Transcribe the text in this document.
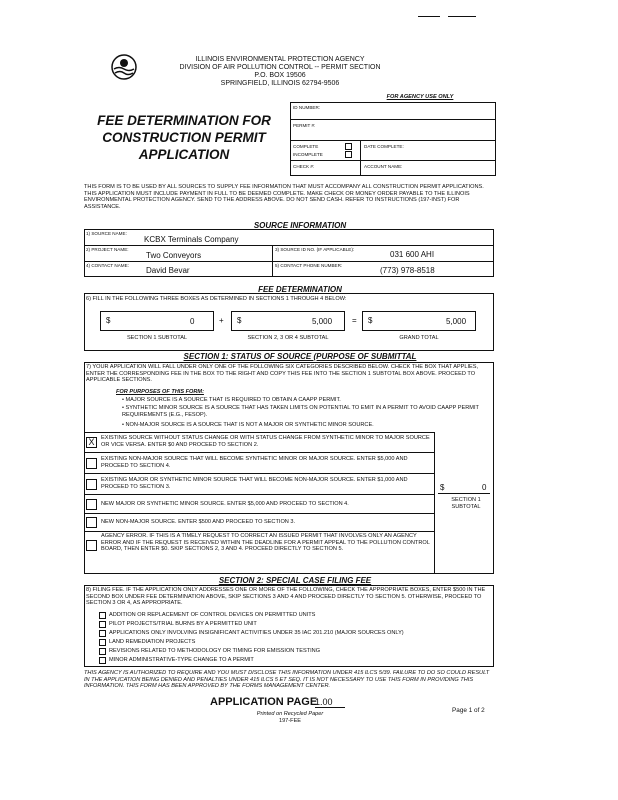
ILLINOIS ENVIRONMENTAL PROTECTION AGENCY
DIVISION OF AIR POLLUTION CONTROL -- PERMIT SECTION
P.O. BOX 19506
SPRINGFIELD, ILLINOIS 62794-9506
FEE DETERMINATION FOR
CONSTRUCTION PERMIT
APPLICATION
FOR AGENCY USE ONLY
ID NUMBER:
PERMIT #:
COMPLETE
INCOMPLETE
DATE COMPLETE:
CHECK #:	ACCOUNT NAME:
THIS FORM IS TO BE USED BY ALL SOURCES TO SUPPLY FEE INFORMATION THAT MUST ACCOMPANY ALL CONSTRUCTION PERMIT APPLICATIONS. THIS APPLICATION MUST INCLUDE PAYMENT IN FULL TO BE DEEMED COMPLETE. MAKE CHECK OR MONEY ORDER PAYABLE TO THE ILLINOIS ENVIRONMENTAL PROTECTION AGENCY. SEND TO THE ADDRESS ABOVE. DO NOT SEND CASH. REFER TO INSTRUCTIONS (197-INST) FOR ASSISTANCE.
SOURCE INFORMATION
1) SOURCE NAME:
KCBX Terminals Company
2) PROJECT NAME:
Two Conveyors
3) SOURCE ID NO. (IF APPLICABLE):
031 600 AHI
4) CONTACT NAME:
David Bevar
5) CONTACT PHONE NUMBER:
(773) 978-8518
FEE DETERMINATION
6) FILL IN THE FOLLOWING THREE BOXES AS DETERMINED IN SECTIONS 1 THROUGH 4 BELOW:
$	0	+ $	5,000 = $	5,000
SECTION 1 SUBTOTAL	SECTION 2, 3 OR 4 SUBTOTAL	GRAND TOTAL
SECTION 1: STATUS OF SOURCE (PURPOSE OF SUBMITTAL
7) YOUR APPLICATION WILL FALL UNDER ONLY ONE OF THE FOLLOWING SIX CATEGORIES DESCRIBED BELOW. CHECK THE BOX THAT APPLIES, ENTER THE CORRESPONDING FEE IN THE BOX TO THE RIGHT AND COPY THIS FEE INTO THE SECTION 1 SUBTOTAL BOX ABOVE. PROCEED TO APPLICABLE SECTIONS.
FOR PURPOSES OF THIS FORM:
• MAJOR SOURCE IS A SOURCE THAT IS REQUIRED TO OBTAIN A CAAPP PERMIT.
• SYNTHETIC MINOR SOURCE IS A SOURCE THAT HAS TAKEN LIMITS ON POTENTIAL TO EMIT IN A PERMIT TO AVOID CAAPP PERMIT REQUIREMENTS (E.G., FESOP).
• NON-MAJOR SOURCE IS A SOURCE THAT IS NOT A MAJOR OR SYNTHETIC MINOR SOURCE.
X	EXISTING SOURCE WITHOUT STATUS CHANGE OR WITH STATUS CHANGE FROM SYNTHETIC MINOR TO MAJOR SOURCE OR VICE VERSA. ENTER $0 AND PROCEED TO SECTION 2.
EXISTING NON-MAJOR SOURCE THAT WILL BECOME SYNTHETIC MINOR OR MAJOR SOURCE. ENTER $5,000 AND PROCEED TO SECTION 4.
EXISTING MAJOR OR SYNTHETIC MINOR SOURCE THAT WILL BECOME NON-MAJOR SOURCE. ENTER $1,000 AND PROCEED TO SECTION 3.
NEW MAJOR OR SYNTHETIC MINOR SOURCE. ENTER $5,000 AND PROCEED TO SECTION 4.
NEW NON-MAJOR SOURCE. ENTER $500 AND PROCEED TO SECTION 3.
AGENCY ERROR. IF THIS IS A TIMELY REQUEST TO CORRECT AN ISSUED PERMIT THAT INVOLVES ONLY AN AGENCY ERROR AND IF THE REQUEST IS RECEIVED WITHIN THE DEADLINE FOR A PERMIT APPEAL TO THE POLLUTION CONTROL BOARD, THEN ENTER $0. SKIP SECTIONS 2, 3 AND 4. PROCEED DIRECTLY TO SECTION 5.
$	0
SECTION 1 SUBTOTAL
SECTION 2: SPECIAL CASE FILING FEE
8) FILING FEE. IF THE APPLICATION ONLY ADDRESSES ONE OR MORE OF THE FOLLOWING, CHECK THE APPROPRIATE BOXES, ENTER $500 IN THE SECOND BOX UNDER FEE DETERMINATION ABOVE, SKIP SECTIONS 3 AND 4 AND PROCEED DIRECTLY TO SECTION 5. OTHERWISE, PROCEED TO SECTION 3 OR 4, AS APPROPRIATE.
ADDITION OR REPLACEMENT OF CONTROL DEVICES ON PERMITTED UNITS
PILOT PROJECTS/TRIAL BURNS BY A PERMITTED UNIT
APPLICATIONS ONLY INVOLVING INSIGNIFICANT ACTIVITIES UNDER 35 IAC 201.210 (MAJOR SOURCES ONLY)
LAND REMEDIATION PROJECTS
REVISIONS RELATED TO METHODOLOGY OR TIMING FOR EMISSION TESTING
MINOR ADMINISTRATIVE-TYPE CHANGE TO A PERMIT
THIS AGENCY IS AUTHORIZED TO REQUIRE AND YOU MUST DISCLOSE THIS INFORMATION UNDER 415 ILCS 5/39. FAILURE TO DO SO COULD RESULT IN THE APPLICATION BEING DENIED AND PENALTIES UNDER 415 ILCS 5 ET SEQ. IT IS NOT NECESSARY TO USE THIS FORM IN PROVIDING THIS INFORMATION. THIS FORM HAS BEEN APPROVED BY THE FORMS MANAGEMENT CENTER.
APPLICATION PAGE
1.00
Printed on Recycled Paper
197-FEE
Page 1 of 2
